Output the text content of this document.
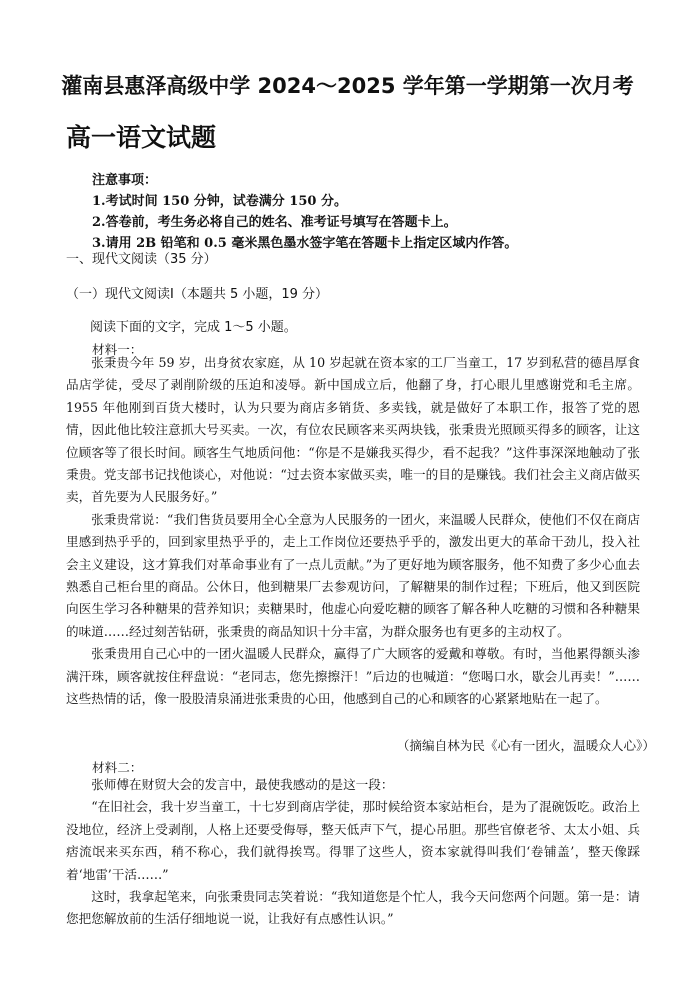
灌南县惠泽高级中学 2024～2025 学年第一学期第一次月考
高一语文试题
注意事项：
1.考试时间 150 分钟，试卷满分 150 分。
2.答卷前，考生务必将自己的姓名、准考证号填写在答题卡上。
3.请用 2B 铅笔和 0.5 毫米黑色墨水签字笔在答题卡上指定区域内作答。
一、现代文阅读（35 分）
（一）现代文阅读Ⅰ（本题共 5 小题，19 分）
阅读下面的文字，完成 1～5 小题。
材料一：

张秉贵今年 59 岁，出身贫农家庭，从 10 岁起就在资本家的工厂当童工，17 岁到私营的德昌厚食品店学徒，受尽了剥削阶级的压迫和凌辱。新中国成立后，他翻了身，打心眼儿里感谢党和毛主席。1955 年他刚到百货大楼时，认为只要为商店多销货、多卖钱，就是做好了本职工作，报答了党的恩情，因此他比较注意抓大号买卖。一次，有位农民顾客来买两块钱，张秉贵光照顾买得多的顾客，让这位顾客等了很长时间。顾客生气地质问他：“你是不是嫌我买得少，看不起我？”这件事深深地触动了张秉贵。党支部书记找他谈心，对他说：“过去资本家做买卖，唯一的目的是赚钱。我们社会主义商店做买卖，首先要为人民服务好。”

张秉贵常说：“我们售货员要用全心全意为人民服务的一团火，来温暖人民群众，使他们不仅在商店里感到热乎乎的，回到家里热乎乎的，走上工作岗位还要热乎乎的，激发出更大的革命干劲儿，投入社会主义建设，这才算我们对革命事业有了一点儿贡献。”为了更好地为顾客服务，他不知费了多少心血去熟悉自己柜台里的商品。公休日，他到糖果厂去参观访问，了解糖果的制作过程；下班后，他又到医院向医生学习各种糖果的营养知识；卖糖果时，他虚心向爱吃糖的顾客了解各种人吃糖的习惯和各种糖果的味道……经过刻苦钻研，张秉贵的商品知识十分丰富，为群众服务也有更多的主动权了。

张秉贵用自己心中的一团火温暖人民群众，赢得了广大顾客的爱戴和尊敬。有时，当他累得额头渗满汗珠，顾客就按住秤盘说：“老同志，您先擦擦汗！”后边的也喊道：“您喝口水，歇会儿再卖！”……这些热情的话，像一股股清泉涌进张秉贵的心田，他感到自己的心和顾客的心紧紧地贴在一起了。

（摘编自林为民《心有一团火，温暖众人心》）
材料二：

张师傅在财贸大会的发言中，最使我感动的是这一段：

“在旧社会，我十岁当童工，十七岁到商店学徒，那时候给资本家站柜台，是为了混碗饭吃。政治上没地位，经济上受剥削，人格上还要受侮辱，整天低声下气，提心吊胆。那些官僚老爷、太太小姐、兵痞流氓来买东西，稍不称心，我们就得挨骂。得罪了这些人，资本家就得叫我们‘卷铺盖’，整天像踩着‘地雷’干活……”

这时，我拿起笔来，向张秉贵同志笑着说：“我知道您是个忙人，我今天问您两个问题。第一是：请您把您解放前的生活仔细地说一说，让我好有点感性认识。”
